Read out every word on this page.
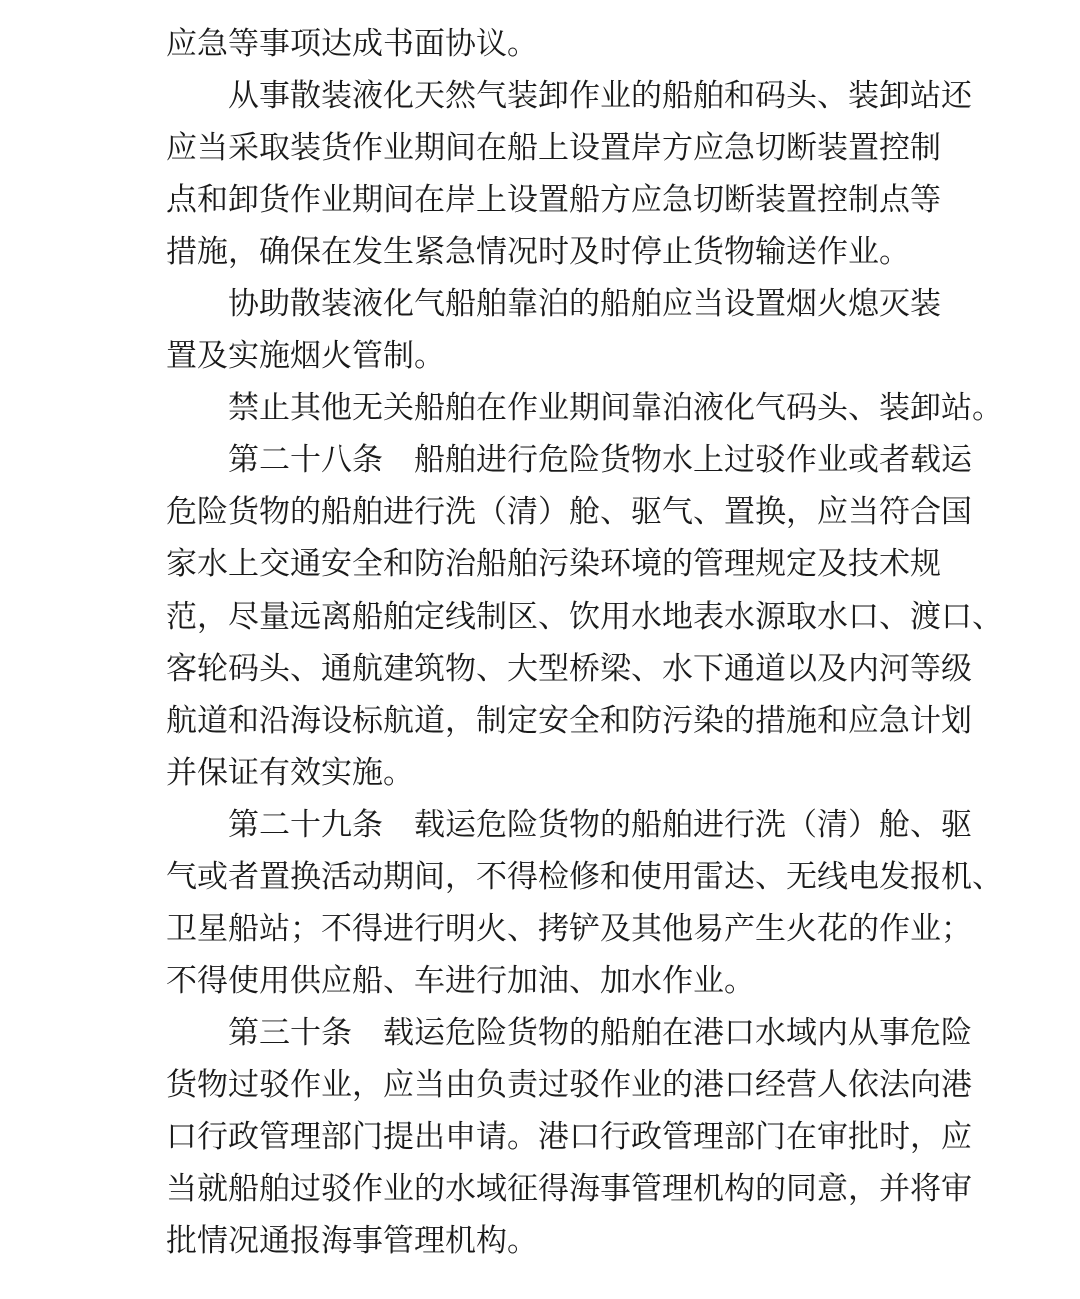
应急等事项达成书面协议。
从事散装液化天然气装卸作业的船舶和码头、装卸站还
应当采取装货作业期间在船上设置岸方应急切断装置控制
点和卸货作业期间在岸上设置船方应急切断装置控制点等
措施，确保在发生紧急情况时及时停止货物输送作业。
协助散装液化气船舶靠泊的船舶应当设置烟火熄灭装
置及实施烟火管制。
禁止其他无关船舶在作业期间靠泊液化气码头、装卸站。
第二十八条　船舶进行危险货物水上过驳作业或者载运
危险货物的船舶进行洗（清）舱、驱气、置换，应当符合国
家水上交通安全和防治船舶污染环境的管理规定及技术规
范，尽量远离船舶定线制区、饮用水地表水源取水口、渡口、
客轮码头、通航建筑物、大型桥梁、水下通道以及内河等级
航道和沿海设标航道，制定安全和防污染的措施和应急计划
并保证有效实施。
第二十九条　载运危险货物的船舶进行洗（清）舱、驱
气或者置换活动期间，不得检修和使用雷达、无线电发报机、
卫星船站；不得进行明火、拷铲及其他易产生火花的作业；
不得使用供应船、车进行加油、加水作业。
第三十条　载运危险货物的船舶在港口水域内从事危险
货物过驳作业，应当由负责过驳作业的港口经营人依法向港
口行政管理部门提出申请。港口行政管理部门在审批时，应
当就船舶过驳作业的水域征得海事管理机构的同意，并将审
批情况通报海事管理机构。
